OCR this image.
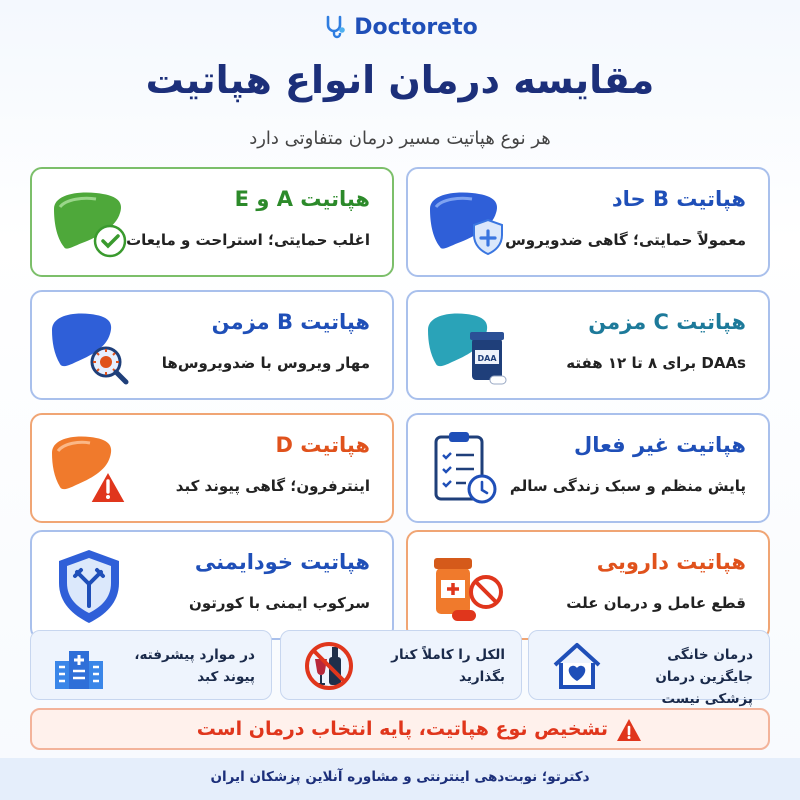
Doctoreto
مقایسه درمان انواع هپاتیت
هر نوع هپاتیت مسیر درمان متفاوتی دارد
هپاتیت B حاد
معمولاً حمایتی؛ گاهی ضدویروس
هپاتیت A و E
اغلب حمایتی؛ استراحت و مایعات
هپاتیت C مزمن
DAAs برای ۸ تا ۱۲ هفته
DAA
هپاتیت B مزمن
مهار ویروس با ضدویروس‌ها
هپاتیت غیر فعال
پایش منظم و سبک زندگی سالم
هپاتیت D
اینترفرون؛ گاهی پیوند کبد
هپاتیت دارویی
قطع عامل و درمان علت
هپاتیت خودایمنی
سرکوب ایمنی با کورتون
درمان خانگی جایگزین درمان پزشکی نیست
الکل را کاملاً کنار بگذارید
در موارد پیشرفته، پیوند کبد
تشخیص نوع هپاتیت، پایه انتخاب درمان است
دکترتو؛ نوبت‌دهی اینترنتی و مشاوره آنلاین پزشکان ایران
